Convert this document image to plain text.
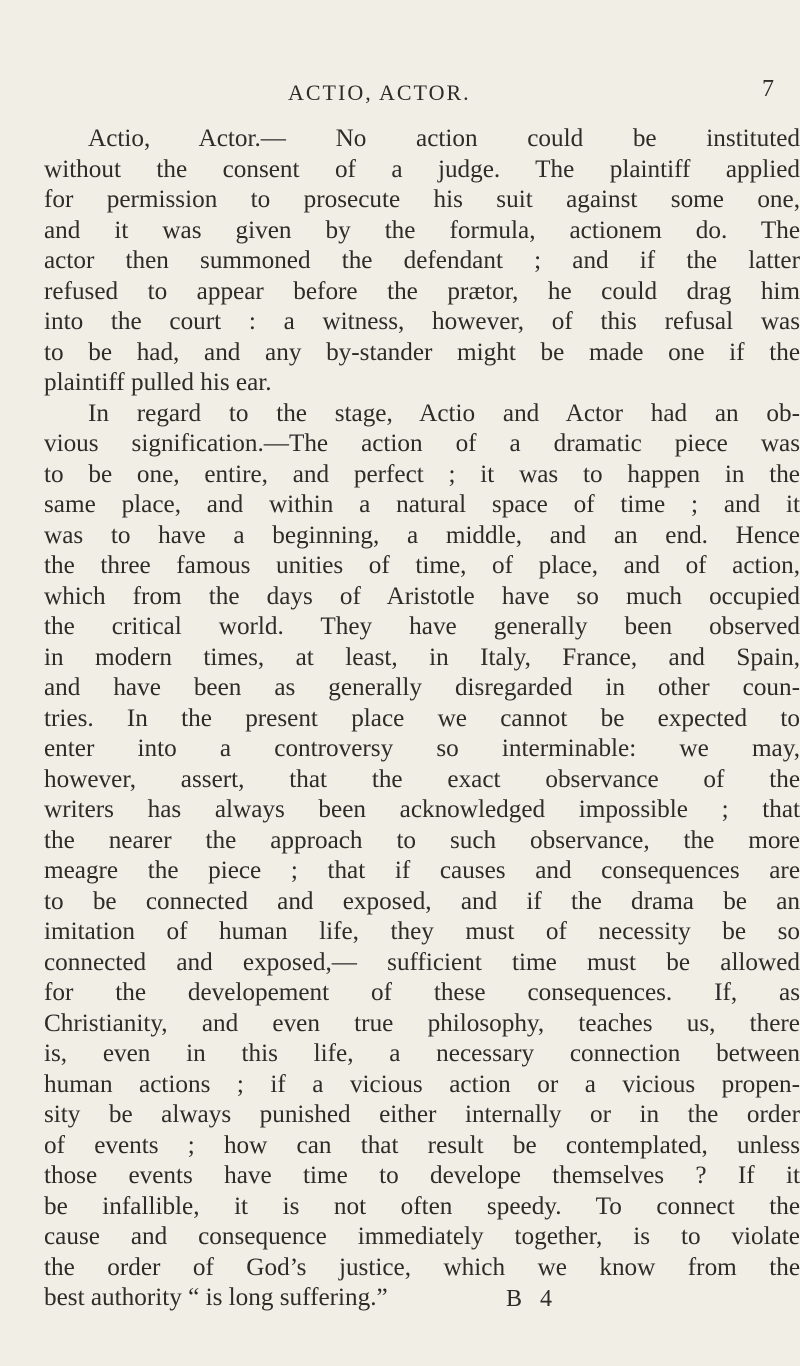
ACTIO, ACTOR.	7
Actio, Actor.— No action could be instituted
without the consent of a judge. The plaintiff applied
for permission to prosecute his suit against some one,
and it was given by the formula, actionem do. The
actor then summoned the defendant ; and if the latter
refused to appear before the prætor, he could drag him
into the court : a witness, however, of this refusal was
to be had, and any by-stander might be made one if the
plaintiff pulled his ear.
In regard to the stage, Actio and Actor had an ob-
vious signification.—The action of a dramatic piece was
to be one, entire, and perfect ; it was to happen in the
same place, and within a natural space of time ; and it
was to have a beginning, a middle, and an end. Hence
the three famous unities of time, of place, and of action,
which from the days of Aristotle have so much occupied
the critical world. They have generally been observed
in modern times, at least, in Italy, France, and Spain,
and have been as generally disregarded in other coun-
tries. In the present place we cannot be expected to
enter into a controversy so interminable: we may,
however, assert, that the exact observance of the
writers has always been acknowledged impossible ; that
the nearer the approach to such observance, the more
meagre the piece ; that if causes and consequences are
to be connected and exposed, and if the drama be an
imitation of human life, they must of necessity be so
connected and exposed,— sufficient time must be allowed
for the developement of these consequences. If, as
Christianity, and even true philosophy, teaches us, there
is, even in this life, a necessary connection between
human actions ; if a vicious action or a vicious propen-
sity be always punished either internally or in the order
of events ; how can that result be contemplated, unless
those events have time to develope themselves ? If it
be infallible, it is not often speedy. To connect the
cause and consequence immediately together, is to violate
the order of God’s justice, which we know from the
best authority “ is long suffering.”	B 4
